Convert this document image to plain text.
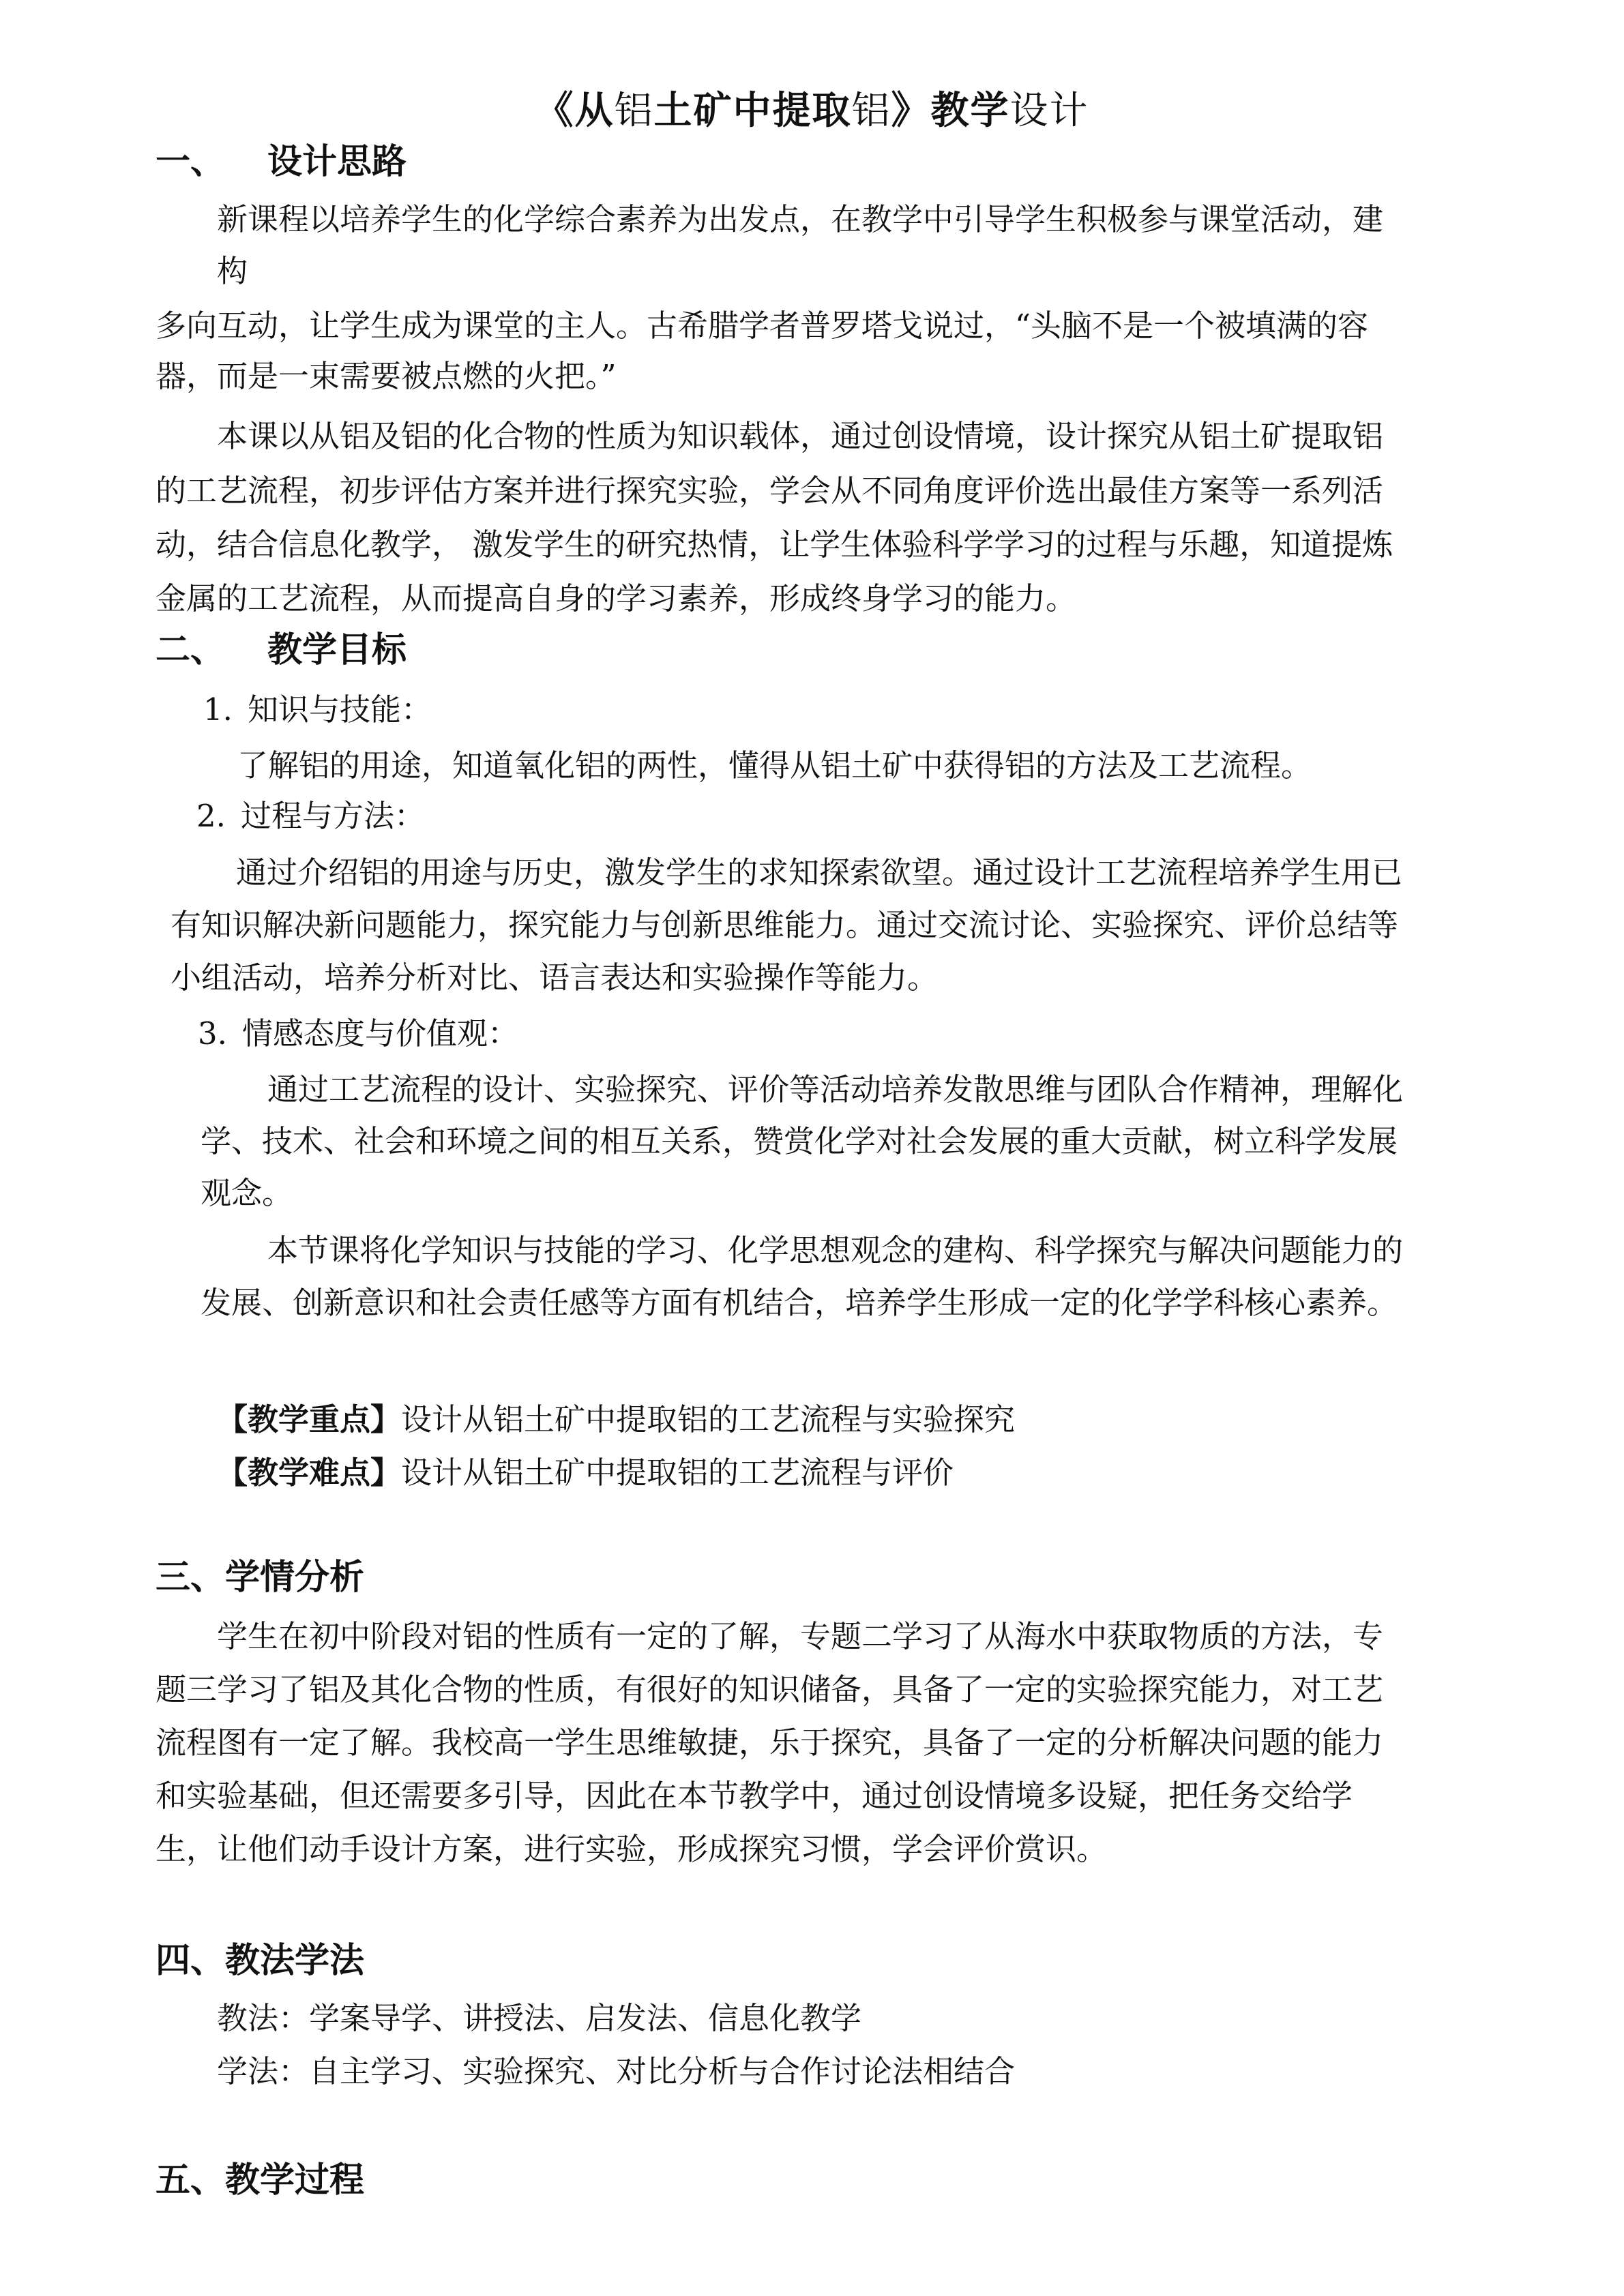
《从铝土矿中提取铝》教学设计
一、 设计思路
新课程以培养学生的化学综合素养为出发点，在教学中引导学生积极参与课堂活动，建
构
多向互动，让学生成为课堂的主人。古希腊学者普罗塔戈说过，“头脑不是一个被填满的容
器，而是一束需要被点燃的火把。”
本课以从铝及铝的化合物的性质为知识载体，通过创设情境，设计探究从铝土矿提取铝
的工艺流程，初步评估方案并进行探究实验，学会从不同角度评价选出最佳方案等一系列活
动，结合信息化教学， 激发学生的研究热情，让学生体验科学学习的过程与乐趣，知道提炼
金属的工艺流程，从而提高自身的学习素养，形成终身学习的能力。
二、 教学目标
1. 知识与技能：
了解铝的用途，知道氧化铝的两性，懂得从铝土矿中获得铝的方法及工艺流程。
2. 过程与方法：
通过介绍铝的用途与历史，激发学生的求知探索欲望。通过设计工艺流程培养学生用已
有知识解决新问题能力，探究能力与创新思维能力。通过交流讨论、实验探究、评价总结等
小组活动，培养分析对比、语言表达和实验操作等能力。
3. 情感态度与价值观：
通过工艺流程的设计、实验探究、评价等活动培养发散思维与团队合作精神，理解化
学、技术、社会和环境之间的相互关系，赞赏化学对社会发展的重大贡献，树立科学发展
观念。
本节课将化学知识与技能的学习、化学思想观念的建构、科学探究与解决问题能力的
发展、创新意识和社会责任感等方面有机结合，培养学生形成一定的化学学科核心素养。
【教学重点】设计从铝土矿中提取铝的工艺流程与实验探究
【教学难点】设计从铝土矿中提取铝的工艺流程与评价
三、学情分析
学生在初中阶段对铝的性质有一定的了解，专题二学习了从海水中获取物质的方法，专
题三学习了铝及其化合物的性质，有很好的知识储备，具备了一定的实验探究能力，对工艺
流程图有一定了解。我校高一学生思维敏捷，乐于探究，具备了一定的分析解决问题的能力
和实验基础，但还需要多引导，因此在本节教学中，通过创设情境多设疑，把任务交给学
生，让他们动手设计方案，进行实验，形成探究习惯，学会评价赏识。
四、教法学法
教法：学案导学、讲授法、启发法、信息化教学
学法：自主学习、实验探究、对比分析与合作讨论法相结合
五、教学过程
